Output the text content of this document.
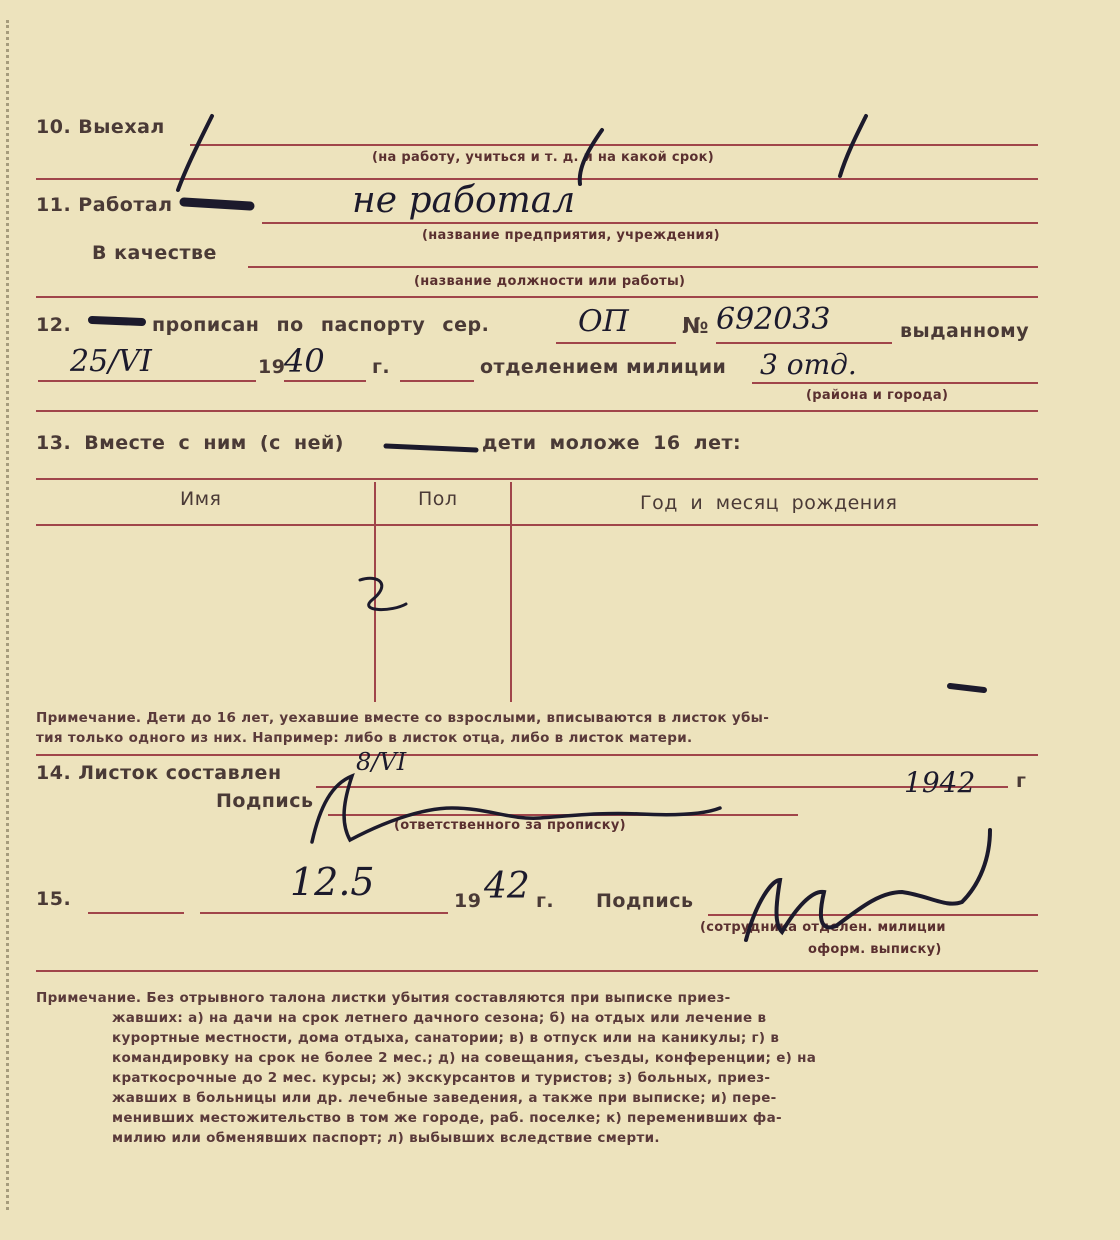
10. Выехал
(на работу, учиться и т. д. и на какой срок)
11. Работал	не работал
(название предприятия, учреждения)
В качестве
(название должности или работы)
12.	прописан по паспорту сер.	ОП № 692033	выданному
25/VI	19
40 г.	отделением милиции 3 отд.
(района и города)
13. Вместе с ним (с ней)	дети моложе 16 лет:
Имя	Пол	Год и месяц рождения
Примечание. Дети до 16 лет, уехавшие вместе со взрослыми, вписываются в листок убы-
тия только одного из них. Например: либо в листок отца, либо в листок матери.
14. Листок составлен	8/VI
1942 г
Подпись
(ответственного за прописку)
15.	12.5	19 42 г. Подпись
(сотрудника отделен. милиции
оформ. выписку)
Примечание. Без отрывного талона листки убытия составляются при выписке приез-
жавших: а) на дачи на срок летнего дачного сезона; б) на отдых или лечение в
курортные местности, дома отдыха, санатории; в) в отпуск или на каникулы; г) в
командировку на срок не более 2 мес.; д) на совещания, съезды, конференции; е) на
краткосрочные до 2 мес. курсы; ж) экскурсантов и туристов; з) больных, приез-
жавших в больницы или др. лечебные заведения, а также при выписке; и) пере-
менивших местожительство в том же городе, раб. поселке; к) переменивших фа-
милию или обменявших паспорт; л) выбывших вследствие смерти.
